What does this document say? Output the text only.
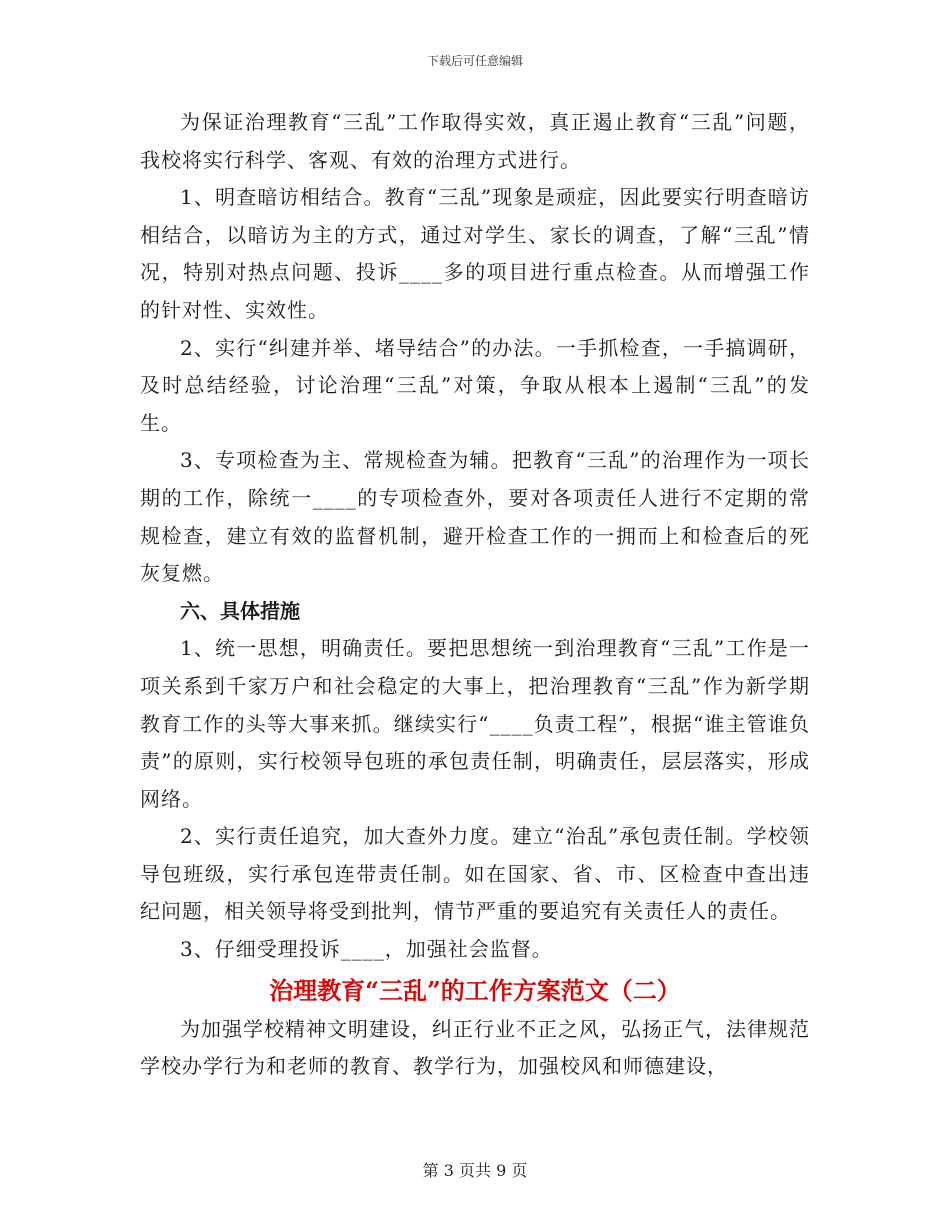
下载后可任意编辑

为保证治理教育“三乱”工作取得实效，真正遏止教育“三乱”问题，我校将实行科学、客观、有效的治理方式进行。

1、明查暗访相结合。教育“三乱”现象是顽症，因此要实行明查暗访相结合，以暗访为主的方式，通过对学生、家长的调查，了解“三乱”情况，特别对热点问题、投诉____多的项目进行重点检查。从而增强工作的针对性、实效性。

2、实行“纠建并举、堵导结合”的办法。一手抓检查，一手搞调研，及时总结经验，讨论治理“三乱”对策，争取从根本上遏制“三乱”的发生。

3、专项检查为主、常规检查为辅。把教育“三乱”的治理作为一项长期的工作，除统一____的专项检查外，要对各项责任人进行不定期的常规检查，建立有效的监督机制，避开检查工作的一拥而上和检查后的死灰复燃。

六、具体措施

1、统一思想，明确责任。要把思想统一到治理教育“三乱”工作是一项关系到千家万户和社会稳定的大事上，把治理教育“三乱”作为新学期教育工作的头等大事来抓。继续实行“____负责工程”，根据“谁主管谁负责”的原则，实行校领导包班的承包责任制，明确责任，层层落实，形成网络。

2、实行责任追究，加大查外力度。建立“治乱”承包责任制。学校领导包班级，实行承包连带责任制。如在国家、省、市、区检查中查出违纪问题，相关领导将受到批判，情节严重的要追究有关责任人的责任。

3、仔细受理投诉____，加强社会监督。

治理教育“三乱”的工作方案范文（二）

为加强学校精神文明建设，纠正行业不正之风，弘扬正气，法律规范学校办学行为和老师的教育、教学行为，加强校风和师德建设，

第 3 页共 9 页
